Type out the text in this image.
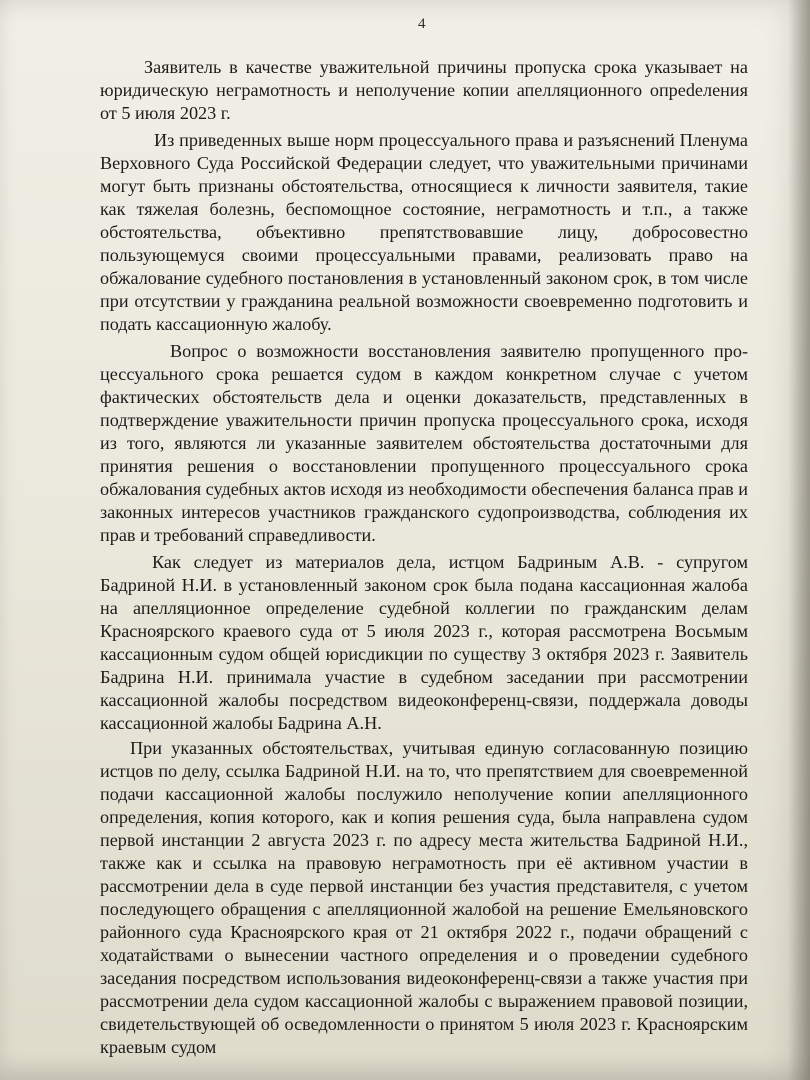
4

Заявитель в качестве уважительной причины пропуска срока указывает на юридическую неграмотность и неполучение копии апелляционного опреdеления от 5 июля 2023 г.

Из приведенных выше норм процессуального права и разъяснений Пленума Верховного Суда Российской Федерации следует, что уважительными причинами могут быть признаны обстоятельства, относящиеся к личности заявителя, такие как тяжелая болезнь, беспомощное состояние, неграмотность и т.п., а также обстоятельства, объективно препятствовавшие лицу, добросовестно пользующемуся своими процессуальными правами, реализовать право на обжалование судебного постановления в установленный законом срок, в том числе при отсутствии у гражданина реальной возможности своевременно подготовить и подать кассационную жалобу.

Вопрос о возможности восстановления заявителю пропущенного процессуального срока решается судом в каждом конкретном случае с учетом фактических обстоятельств дела и оценки доказательств, представленных в подтверждение уважительности причин пропуска процессуального срока, исходя из того, являются ли указанные заявителем обстоятельства достаточными для принятия решения о восстановлении пропущенного процессуального срока обжалования судебных актов исходя из необходимости обеспечения баланса прав и законных интересов участников гражданского судопроизводства, соблюдения их прав и требований справедливости.

Как следует из материалов дела, истцом Бадриным А.В. - супругом Бадриной Н.И. в установленный законом срок была подана кассационная жалоба на апелляционное определение судебной коллегии по гражданским делам Красноярского краевого суда от 5 июля 2023 г., которая рассмотрена Восьмым кассационным судом общей юрисдикции по существу 3 октября 2023 г. Заявитель Бадрина Н.И. принимала участие в судебном заседании при рассмотрении кассационной жалобы посредством видеоконференц-связи, поддержала доводы кассационной жалобы Бадрина А.Н.

При указанных обстоятельствах, учитывая единую согласованную позицию истцов по делу, ссылка Бадриной Н.И. на то, что препятствием для своевременной подачи кассационной жалобы послужило неполучение копии апелляционного определения, копия которого, как и копия решения суда, была направлена судом первой инстанции 2 августа 2023 г. по адресу места жительства Бадриной Н.И., также как и ссылка на правовую неграмотность при её активном участии в рассмотрении дела в суде первой инстанции без участия представителя, с учетом последующего обращения с апелляционной жалобой на решение Емельяновского районного суда Красноярского края от 21 октября 2022 г., подачи обращений с ходатайствами о вынесении частного определения и о проведении судебного заседания посредством использования видеоконференц-связи а также участия при рассмотрении дела судом кассационной жалобы с выражением правовой позиции, свидетельствующей об осведомленности о принятом 5 июля 2023 г. Красноярским краевым судом
